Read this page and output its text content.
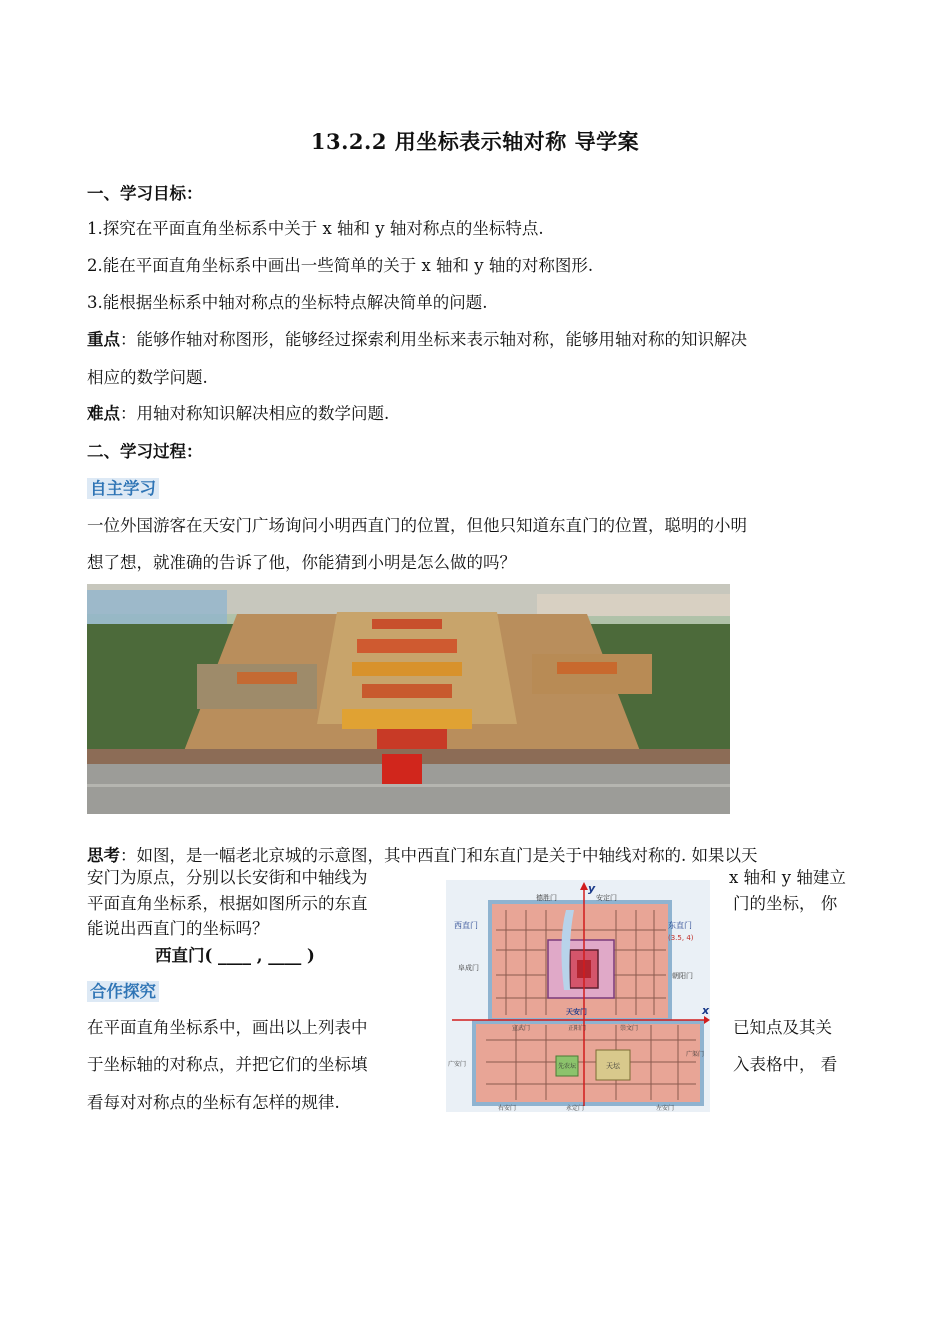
13.2.2 用坐标表示轴对称 导学案
一、学习目标：
1.探究在平面直角坐标系中关于 x 轴和 y 轴对称点的坐标特点.
2.能在平面直角坐标系中画出一些简单的关于 x 轴和 y 轴的对称图形.
3.能根据坐标系中轴对称点的坐标特点解决简单的问题.
重点：能够作轴对称图形，能够经过探索利用坐标来表示轴对称，能够用轴对称的知识解决
相应的数学问题.
难点：用轴对称知识解决相应的数学问题.
二、学习过程：
自主学习
一位外国游客在天安门广场询问小明西直门的位置，但他只知道东直门的位置，聪明的小明
想了想，就准确的告诉了他，你能猜到小明是怎么做的吗？
思考：如图，是一幅老北京城的示意图，其中西直门和东直门是关于中轴线对称的. 如果以天
安门为原点，分别以长安街和中轴线为	x 轴和 y 轴建立
平面直角坐标系，根据如图所示的东直	门的坐标， 你
能说出西直门的坐标吗？
西直门( ____ , ____ )
合作探究
在平面直角坐标系中，画出以上列表中	已知点及其关
于坐标轴的对称点，并把它们的坐标填	入表格中， 看
看每对对称点的坐标有怎样的规律.
x
y
西直门	东直门
(3.5, 4)
德胜门	安定门
阜成门
朝阳门
天安门
宣武门	正阳门	崇文门
广安门
广渠门
永定门	左安门
右安门
天坛
先农坛
